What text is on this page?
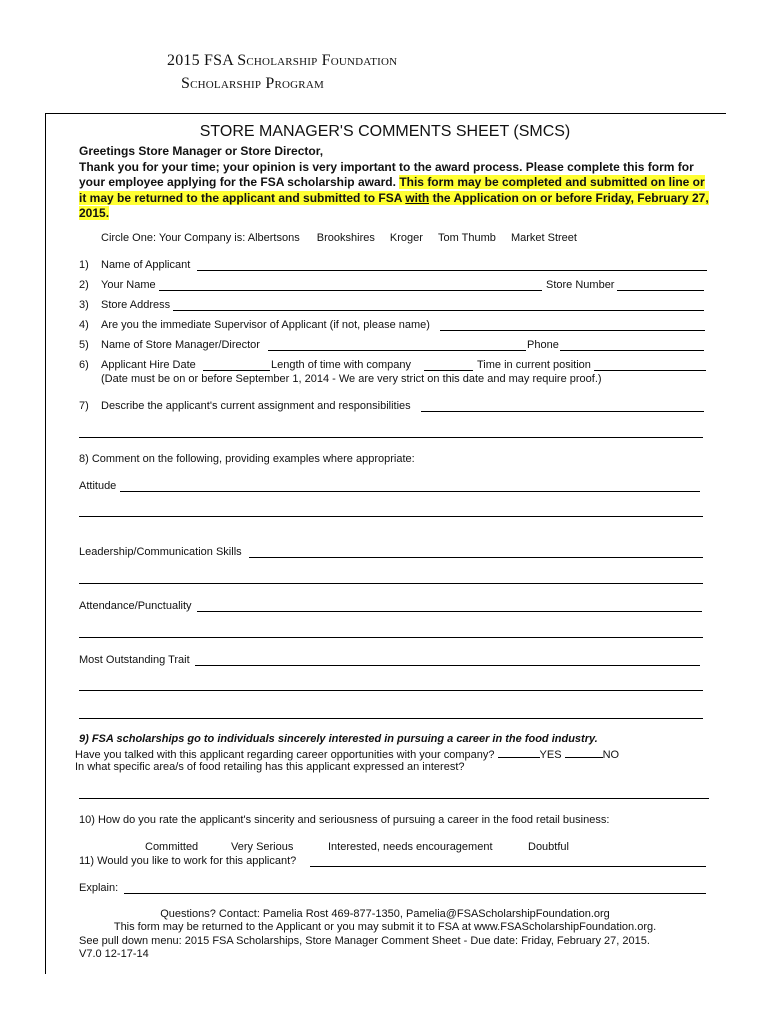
2015 FSA Scholarship Foundation
Scholarship Program
STORE MANAGER'S COMMENTS SHEET (SMCS)
Greetings Store Manager or Store Director,
Thank you for your time; your opinion is very important to the award process. Please complete this form for your employee applying for the FSA scholarship award. This form may be completed and submitted on line or it may be returned to the applicant and submitted to FSA with the Application on or before Friday, February 27, 2015.
Circle One: Your Company is: Albertsons Brookshires Kroger Tom Thumb Market Street
1) Name of Applicant
2) Your Name	Store Number
3) Store Address
4) Are you the immediate Supervisor of Applicant (if not, please name)
5) Name of Store Manager/Director	Phone
6) Applicant Hire Date	Length of time with company	Time in current position
(Date must be on or before September 1, 2014 - We are very strict on this date and may require proof.)
7) Describe the applicant's current assignment and responsibilities
8) Comment on the following, providing examples where appropriate:
Attitude
Leadership/Communication Skills
Attendance/Punctuality
Most Outstanding Trait
9) FSA scholarships go to individuals sincerely interested in pursuing a career in the food industry.
Have you talked with this applicant regarding career opportunities with your company?	YES	NO
In what specific area/s of food retailing has this applicant expressed an interest?
10) How do you rate the applicant's sincerity and seriousness of pursuing a career in the food retail business:
Committed	Very Serious	Interested, needs encouragement	Doubtful
11) Would you like to work for this applicant?
Explain:
Questions? Contact: Pamelia Rost 469-877-1350, Pamelia@FSAScholarshipFoundation.org
This form may be returned to the Applicant or you may submit it to FSA at www.FSAScholarshipFoundation.org.
See pull down menu: 2015 FSA Scholarships, Store Manager Comment Sheet - Due date: Friday, February 27, 2015.
V7.0 12-17-14
